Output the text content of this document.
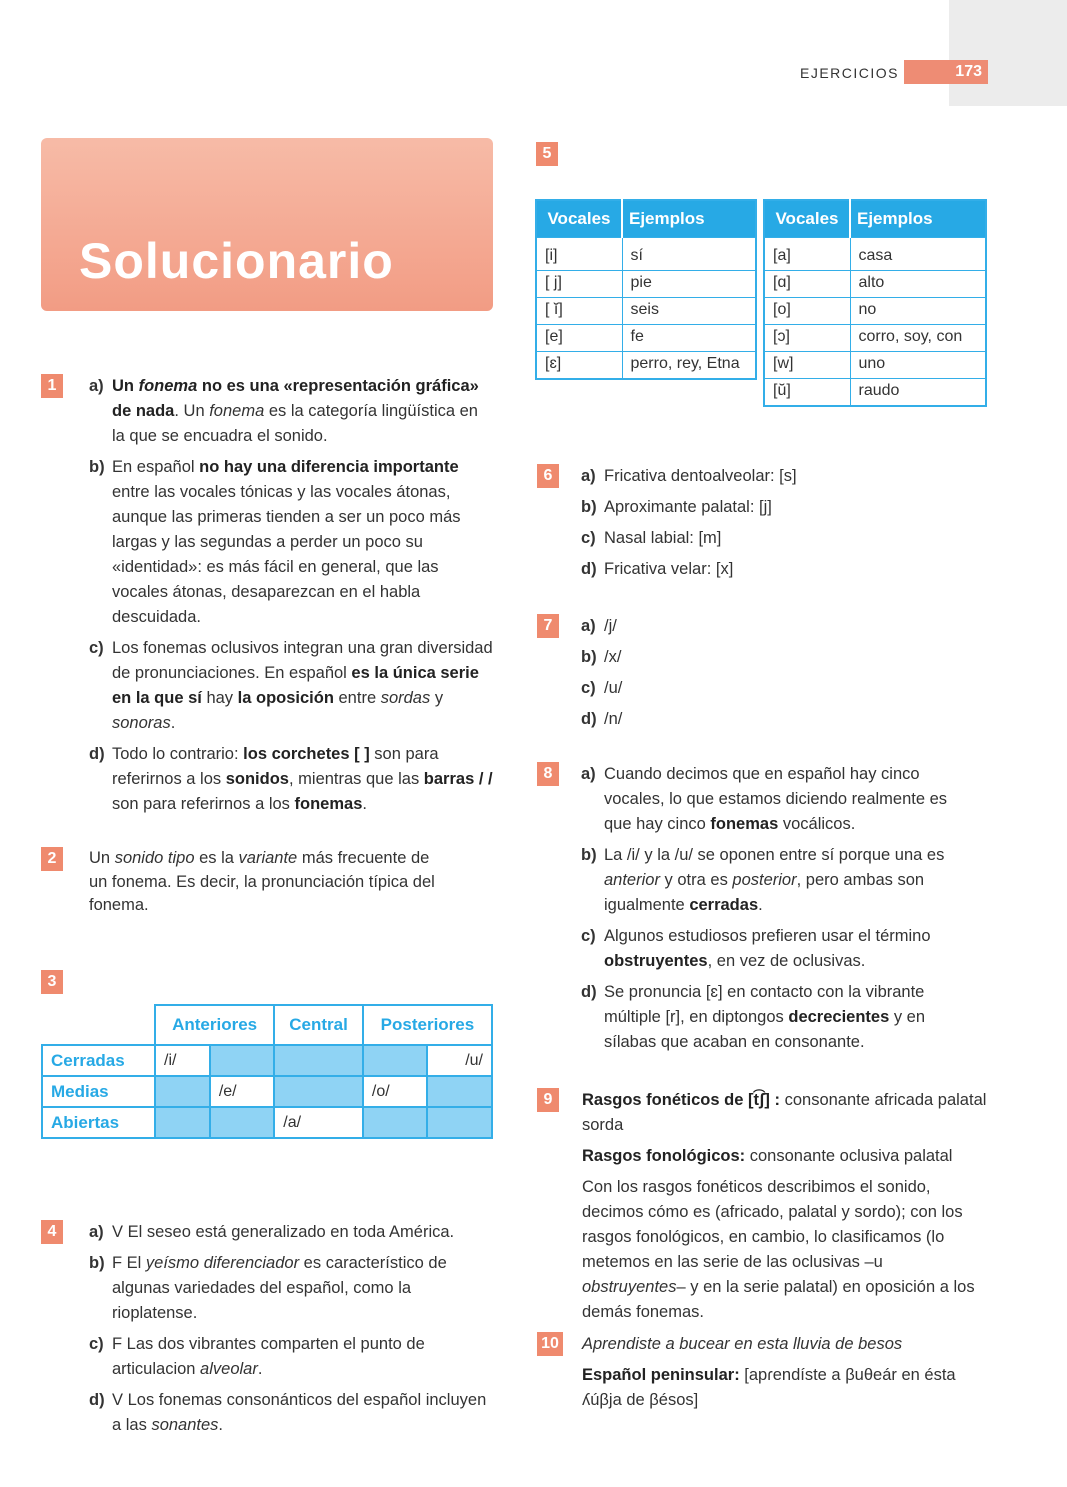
EJERCICIOS	173
Solucionario
1	a) Un fonema no es una «representación gráfica» de nada. Un fonema es la categoría lingüística en la que se encuadra el sonido.
b) En español no hay una diferencia importante entre las vocales tónicas y las vocales átonas, aunque las primeras tienden a ser un poco más largas y las segundas a perder un poco su «identidad»: es más fácil en general, que las vocales átonas, desaparezcan en el habla descuidada.
c) Los fonemas oclusivos integran una gran diversidad de pronunciaciones. En español es la única serie en la que sí hay la oposición entre sordas y sonoras.
d) Todo lo contrario: los corchetes [ ] son para referirnos a los sonidos, mientras que las barras / / son para referirnos a los fonemas.
2	Un sonido tipo es la variante más frecuente de un fonema. Es decir, la pronunciación típica del fonema.
3
	Anteriores		Central	Posteriores	
Cerradas	/i/				/u/
Medias		/e/		/o/	
Abiertas			/a/		
4	a) V El seseo está generalizado en toda América.
b) F El yeísmo diferenciador es característico de algunas variedades del español, como la rioplatense.
c) F Las dos vibrantes comparten el punto de articulacion alveolar.
d) V Los fonemas consonánticos del español incluyen a las sonantes.
5
Vocales	Ejemplos
[i]	sí
[ j]	pie
[ ĭ]	seis
[e]	fe
[ɛ]	perro, rey, Etna
Vocales	Ejemplos
[a]	casa
[ɑ]	alto
[o]	no
[ɔ]	corro, soy, con
[w]	uno
[ŭ]	raudo
6	a) Fricativa dentoalveolar: [s]
b) Aproximante palatal: [j]
c) Nasal labial: [m]
d) Fricativa velar: [x]
7	a) /j/
b) /x/
c) /u/
d) /n/
8	a) Cuando decimos que en español hay cinco vocales, lo que estamos diciendo realmente es que hay cinco fonemas vocálicos.
b) La /i/ y la /u/ se oponen entre sí porque una es anterior y otra es posterior, pero ambas son igualmente cerradas.
c) Algunos estudiosos prefieren usar el término obstruyentes, en vez de oclusivas.
d) Se pronuncia [ɛ] en contacto con la vibrante múltiple [r], en diptongos decrecientes y en sílabas que acaban en consonante.
9	Rasgos fonéticos de [t͡ʃ] : consonante africada palatal sorda
Rasgos fonológicos: consonante oclusiva palatal
Con los rasgos fonéticos describimos el sonido, decimos cómo es (africado, palatal y sordo); con los rasgos fonológicos, en cambio, lo clasificamos (lo metemos en las serie de las oclusivas –u obstruyentes– y en la serie palatal) en oposición a los demás fonemas.
10 Aprendiste a bucear en esta lluvia de besos
Español peninsular: [apɾendíste a βuθeár en ésta ʎúβja de βésos]
